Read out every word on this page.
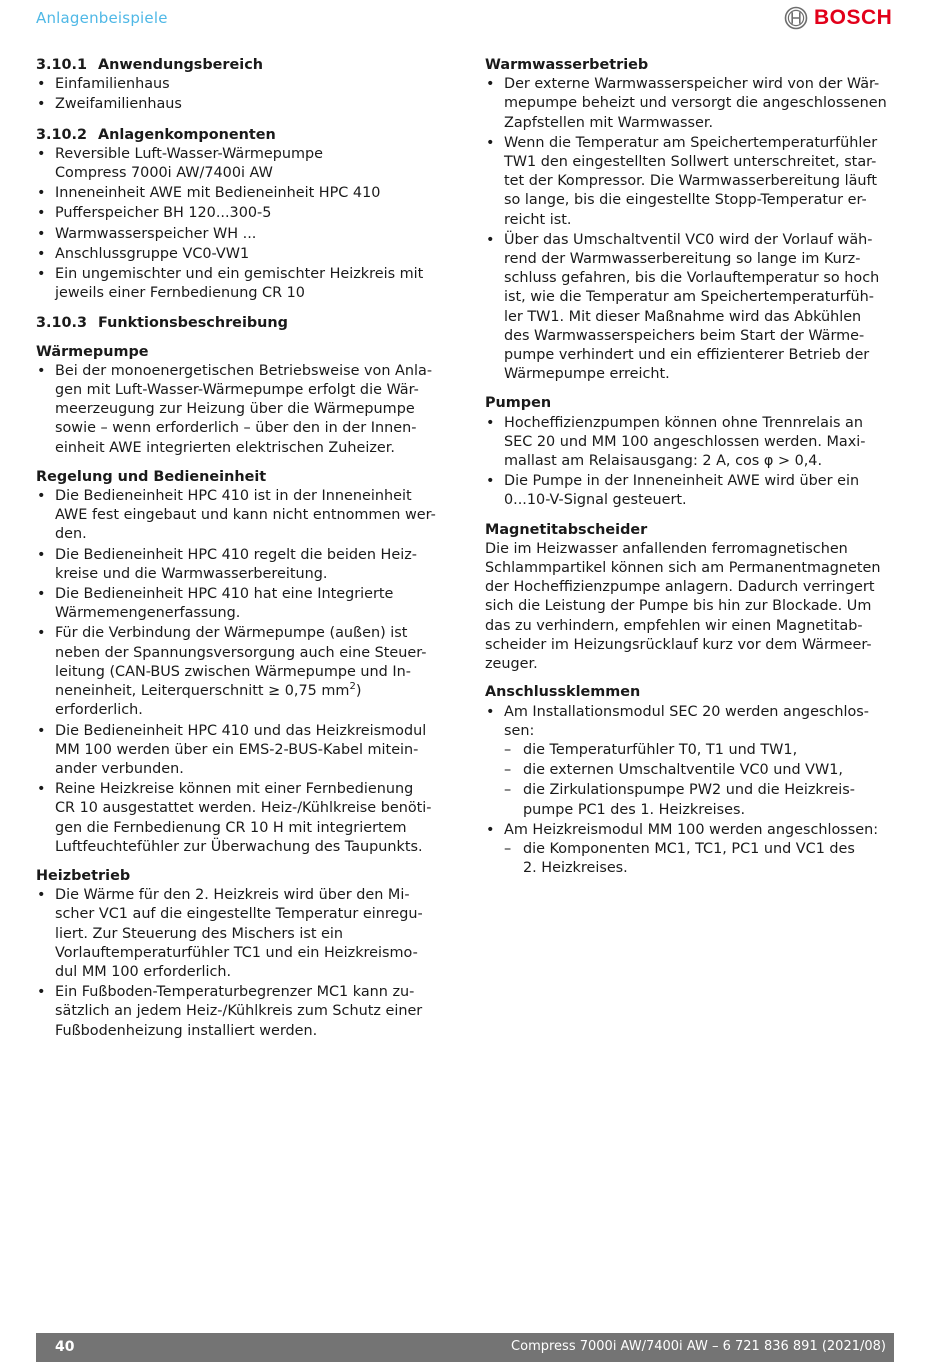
Anlagenbeispiele	BOSCH

3.10.1 Anwendungsbereich

• Einfamilienhaus
• Zweifamilienhaus

3.10.2 Anlagenkomponenten

• Reversible Luft-Wasser-Wärmepumpe
Compress 7000i AW/7400i AW
• Inneneinheit AWE mit Bedieneinheit HPC 410
• Pufferspeicher BH 120...300-5
• Warmwasserspeicher WH ...
• Anschlussgruppe VC0-VW1
• Ein ungemischter und ein gemischter Heizkreis mit
jeweils einer Fernbedienung CR 10

3.10.3 Funktionsbeschreibung

Wärmepumpe

• Bei der monoenergetischen Betriebsweise von Anla-
gen mit Luft-Wasser-Wärmepumpe erfolgt die Wär-
meerzeugung zur Heizung über die Wärmepumpe
sowie – wenn erforderlich – über den in der Innen-
einheit AWE integrierten elektrischen Zuheizer.

Regelung und Bedieneinheit

• Die Bedieneinheit HPC 410 ist in der Inneneinheit
AWE fest eingebaut und kann nicht entnommen wer-
den.
• Die Bedieneinheit HPC 410 regelt die beiden Heiz-
kreise und die Warmwasserbereitung.
• Die Bedieneinheit HPC 410 hat eine Integrierte
Wärmemengenerfassung.
• Für die Verbindung der Wärmepumpe (außen) ist
neben der Spannungsversorgung auch eine Steuer-
leitung (CAN-BUS zwischen Wärmepumpe und In-
neneinheit, Leiterquerschnitt ≥ 0,75 $mm^2$)
erforderlich.
• Die Bedieneinheit HPC 410 und das Heizkreismodul
MM 100 werden über ein EMS-2-BUS-Kabel mitein-
ander verbunden.
• Reine Heizkreise können mit einer Fernbedienung
CR 10 ausgestattet werden. Heiz-/Kühlkreise benöti-
gen die Fernbedienung CR 10 H mit integriertem
Luftfeuchtefühler zur Überwachung des Taupunkts.

Heizbetrieb

• Die Wärme für den 2. Heizkreis wird über den Mi-
scher VC1 auf die eingestellte Temperatur einregu-
liert. Zur Steuerung des Mischers ist ein
Vorlauftemperaturfühler TC1 und ein Heizkreismo-
dul MM 100 erforderlich.
• Ein Fußboden-Temperaturbegrenzer MC1 kann zu-
sätzlich an jedem Heiz-/Kühlkreis zum Schutz einer
Fußbodenheizung installiert werden.

Warmwasserbetrieb

• Der externe Warmwasserspeicher wird von der Wär-
mepumpe beheizt und versorgt die angeschlossenen
Zapfstellen mit Warmwasser.
• Wenn die Temperatur am Speichertemperaturfühler
TW1 den eingestellten Sollwert unterschreitet, star-
tet der Kompressor. Die Warmwasserbereitung läuft
so lange, bis die eingestellte Stopp-Temperatur er-
reicht ist.
• Über das Umschaltventil VC0 wird der Vorlauf wäh-
rend der Warmwasserbereitung so lange im Kurz-
schluss gefahren, bis die Vorlauftemperatur so hoch
ist, wie die Temperatur am Speichertemperaturfüh-
ler TW1. Mit dieser Maßnahme wird das Abkühlen
des Warmwasserspeichers beim Start der Wärme-
pumpe verhindert und ein effizienterer Betrieb der
Wärmepumpe erreicht.

Pumpen

• Hocheffizienzpumpen können ohne Trennrelais an
SEC 20 und MM 100 angeschlossen werden. Maxi-
mallast am Relaisausgang: 2 A, cos φ > 0,4.
• Die Pumpe in der Inneneinheit AWE wird über ein
0...10-V-Signal gesteuert.

Magnetitabscheider

Die im Heizwasser anfallenden ferromagnetischen
Schlammpartikel können sich am Permanentmagneten
der Hocheffizienzpumpe anlagern. Dadurch verringert
sich die Leistung der Pumpe bis hin zur Blockade. Um
das zu verhindern, empfehlen wir einen Magnetitab-
scheider im Heizungsrücklauf kurz vor dem Wärmeer-
zeuger.

Anschlussklemmen

• Am Installationsmodul SEC 20 werden angeschlos-
sen:
– die Temperaturfühler T0, T1 und TW1,
– die externen Umschaltventile VC0 und VW1,
– die Zirkulationspumpe PW2 und die Heizkreis-
pumpe PC1 des 1. Heizkreises.
• Am Heizkreismodul MM 100 werden angeschlossen:
– die Komponenten MC1, TC1, PC1 und VC1 des
2. Heizkreises.
40	Compress 7000i AW/7400i AW – 6 721 836 891 (2021/08)
